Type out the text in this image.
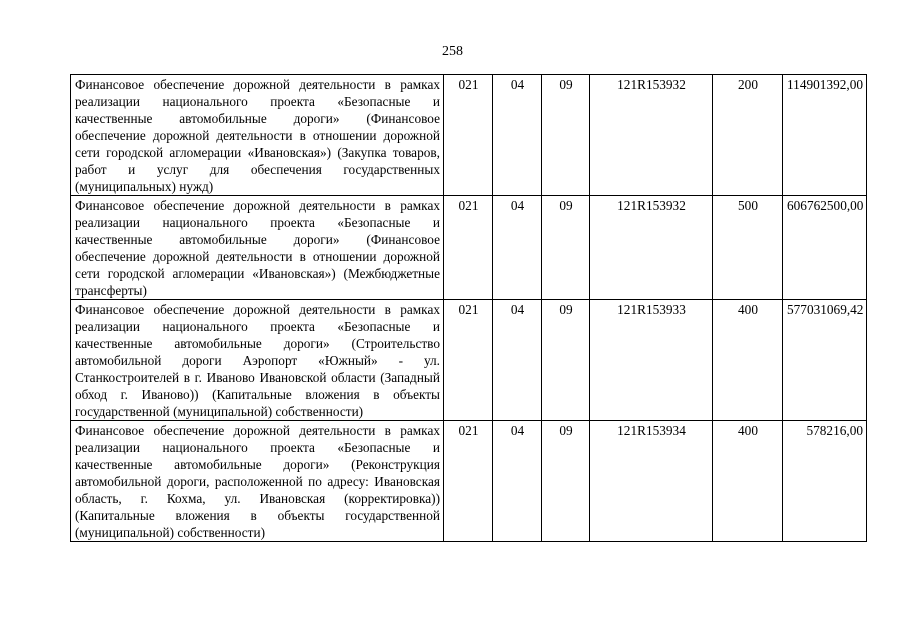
258
Финансовое обеспечение дорожной деятельности в рамках реализации национального проекта «Безопасные и качественные автомобильные дороги» (Финансовое обеспечение дорожной деятельности в отношении дорожной сети городской агломерации «Ивановская») (Закупка товаров, работ и услуг для обеспечения государственных (муниципальных) нужд)	021	04	09	121R153932	200	114901392,00
Финансовое обеспечение дорожной деятельности в рамках реализации национального проекта «Безопасные и качественные автомобильные дороги» (Финансовое обеспечение дорожной деятельности в отношении дорожной сети городской агломерации «Ивановская») (Межбюджетные трансферты)	021	04	09	121R153932	500	606762500,00
Финансовое обеспечение дорожной деятельности в рамках реализации национального проекта «Безопасные и качественные автомобильные дороги» (Строительство автомобильной дороги Аэропорт «Южный» - ул. Станкостроителей в г. Иваново Ивановской области (Западный обход г. Иваново)) (Капитальные вложения в объекты государственной (муниципальной) собственности)	021	04	09	121R153933	400	577031069,42
Финансовое обеспечение дорожной деятельности в рамках реализации национального проекта «Безопасные и качественные автомобильные дороги» (Реконструкция автомобильной дороги, расположенной по адресу: Ивановская область, г. Кохма, ул. Ивановская (корректировка)) (Капитальные вложения в объекты государственной (муниципальной) собственности)	021	04	09	121R153934	400	578216,00
